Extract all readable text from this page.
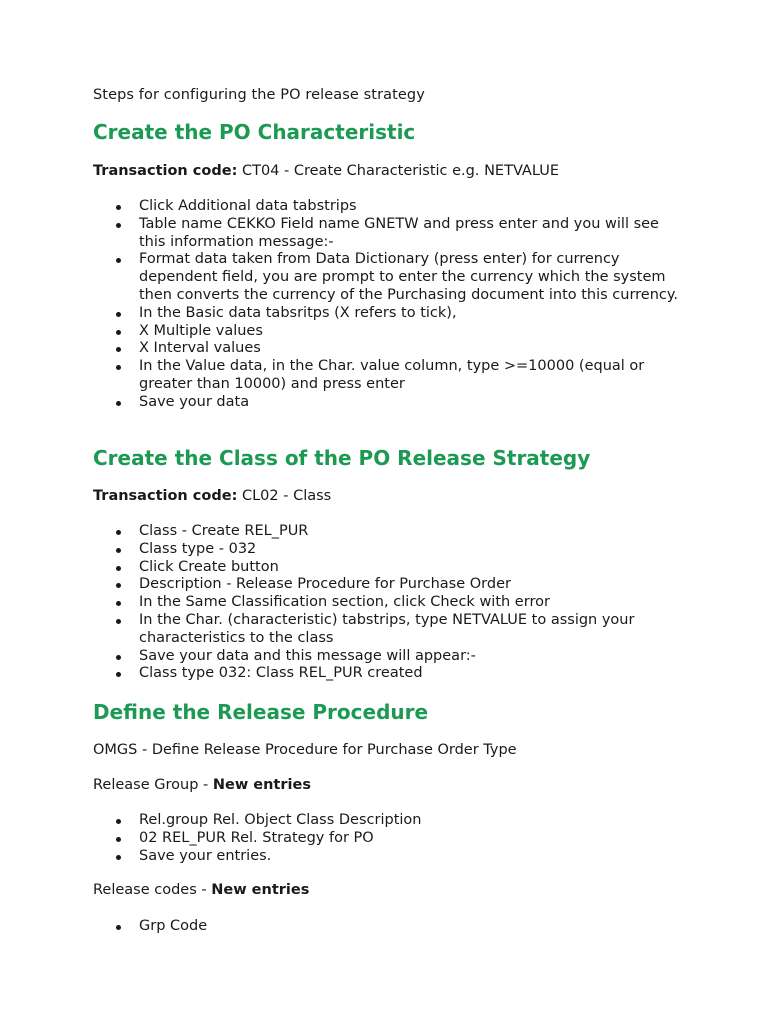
Steps for configuring the PO release strategy
Create the PO Characteristic
Transaction code: CT04 - Create Characteristic e.g. NETVALUE
Click Additional data tabstrips
Table name CEKKO Field name GNETW and press enter and you will see this information message:-
Format data taken from Data Dictionary (press enter) for currency dependent field, you are prompt to enter the currency which the system then converts the currency of the Purchasing document into this currency.
In the Basic data tabsritps (X refers to tick),
X Multiple values
X Interval values
In the Value data, in the Char. value column, type >=10000 (equal or greater than 10000) and press enter
Save your data
Create the Class of the PO Release Strategy
Transaction code: CL02 - Class
Class - Create REL_PUR
Class type - 032
Click Create button
Description - Release Procedure for Purchase Order
In the Same Classification section, click Check with error
In the Char. (characteristic) tabstrips, type NETVALUE to assign your characteristics to the class
Save your data and this message will appear:-
Class type 032: Class REL_PUR created
Define the Release Procedure
OMGS - Define Release Procedure for Purchase Order Type
Release Group - New entries
Rel.group Rel. Object Class Description
02 REL_PUR Rel. Strategy for PO
Save your entries.
Release codes - New entries
Grp Code
